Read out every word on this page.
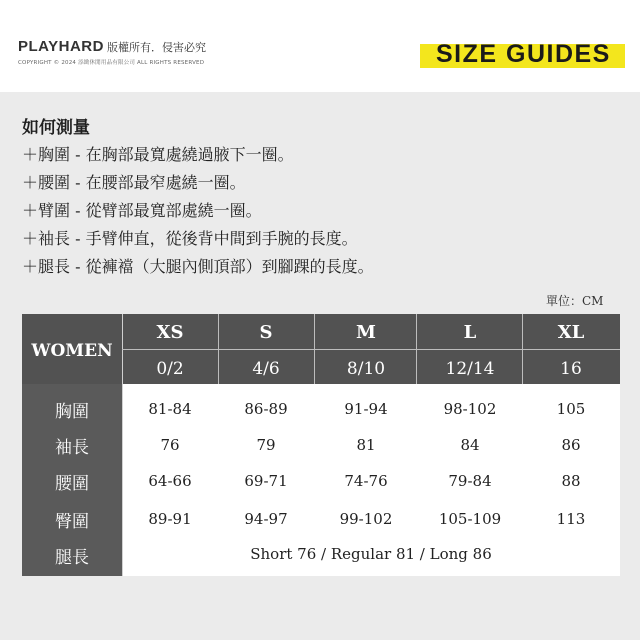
PLAYHARD 版權所有．侵害必究
COPYRIGHT © 2024 添緻休閒用品有限公司 ALL RIGHTS RESERVED	SIZE GUIDES
如何測量
＋胸圍 - 在胸部最寬處繞過腋下一圈。
＋腰圍 - 在腰部最窄處繞一圈。
＋臂圍 - 從臂部最寬部處繞一圈。
＋袖長 - 手臂伸直，從後背中間到手腕的長度。
＋腿長 - 從褲襠（大腿內側頂部）到腳踝的長度。
單位：CM
WOMEN
XS	S	M	L	XL
0/2	4/6	8/10	12/14	16
胸圍	81-84	86-89	91-94	98-102	105
袖長	76	79	81	84	86
腰圍	64-66	69-71	74-76	79-84	88
臀圍	89-91	94-97	99-102	105-109	113
腿長	Short 76 / Regular 81 / Long 86
